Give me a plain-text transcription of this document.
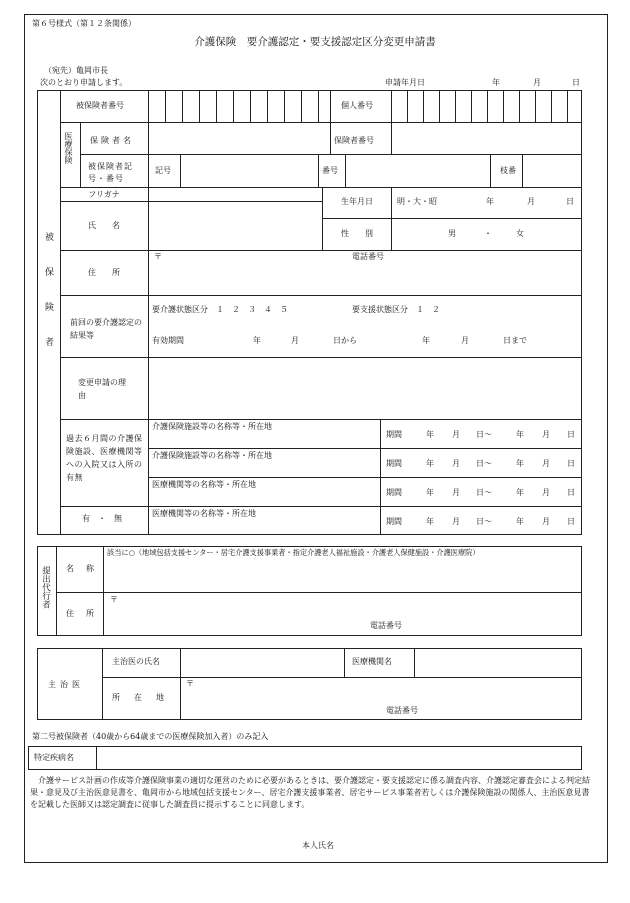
第６号様式（第１２条関係）
介護保険　要介護認定・要支援認定区分変更申請書
（宛先）亀岡市長
次のとおり申請します。	申請年月日	年	月	日
被保険者
被保険者番号	個人番号
医療保険 保険者名	保険者番号
被保険者記号・番号
記号	番号	枝番
フリガナ
氏　名
生年月日	明・大・昭	年	月	日
性　別	男	・	女
住　所
〒	電話番号
前回の要介護認定の結果等
要介護状態区分　１　２　３　４　５	要支援状態区分　１　２
有効期間	年	月	日から	年	月	日まで
変更申請の理由
過去６月間の介護保険施設、医療機関等への入院又は入所の有無
有　・　無
介護保険施設等の名称等・所在地
期間	年 月 日～	年 月 日
介護保険施設等の名称等・所在地
期間	年 月 日～	年 月 日
医療機関等の名称等・所在地
期間	年 月 日～	年 月 日
医療機関等の名称等・所在地
期間	年 月 日～	年 月 日
提出代行者 名　称
該当に○（地域包括支援センター・居宅介護支援事業者・指定介護老人福祉施設・介護老人保健施設・介護医療院）
住　所
〒
電話番号
主治医
主治医の氏名	医療機関名
所　在　地
〒
電話番号
第二号被保険者（40歳から64歳までの医療保険加入者）のみ記入
特定疾病名
　介護サービス計画の作成等介護保険事業の適切な運営のために必要があるときは、要介護認定・要支援認定に係る調査内容、介護認定審査会による判定結果・意見及び主治医意見書を、亀岡市から地域包括支援センター、居宅介護支援事業者、居宅サービス事業者若しくは介護保険施設の関係人、主治医意見書を記載した医師又は認定調査に従事した調査員に提示することに同意します。
本人氏名
